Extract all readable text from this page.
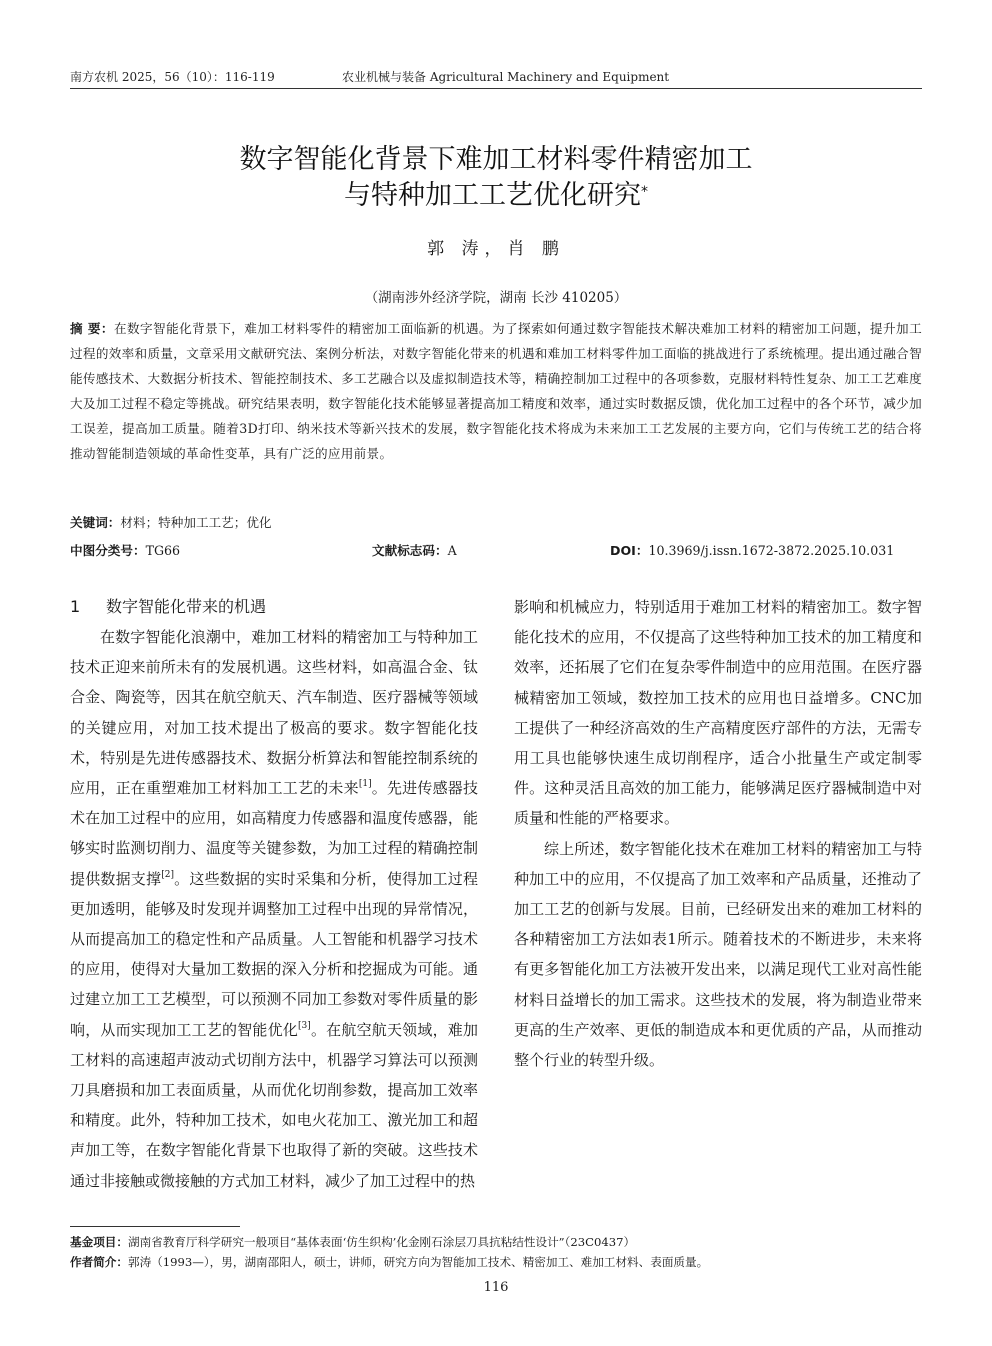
南方农机 2025，56（10）：116-119	农业机械与装备 Agricultural Machinery and Equipment
数字智能化背景下难加工材料零件精密加工
与特种加工工艺优化研究*
郭 涛，肖 鹏
（湖南涉外经济学院，湖南 长沙 410205）
摘 要：在数字智能化背景下，难加工材料零件的精密加工面临新的机遇。为了探索如何通过数字智能技术解决难加工材料的精密加工问题，提升加工过程的效率和质量，文章采用文献研究法、案例分析法，对数字智能化带来的机遇和难加工材料零件加工面临的挑战进行了系统梳理。提出通过融合智能传感技术、大数据分析技术、智能控制技术、多工艺融合以及虚拟制造技术等，精确控制加工过程中的各项参数，克服材料特性复杂、加工工艺难度大及加工过程不稳定等挑战。研究结果表明，数字智能化技术能够显著提高加工精度和效率，通过实时数据反馈，优化加工过程中的各个环节，减少加工误差，提高加工质量。随着3D打印、纳米技术等新兴技术的发展，数字智能化技术将成为未来加工工艺发展的主要方向，它们与传统工艺的结合将推动智能制造领域的革命性变革，具有广泛的应用前景。
关键词：材料；特种加工工艺；优化
中图分类号：TG66	文献标志码：A	DOI：10.3969/j.issn.1672-3872.2025.10.031
1 数字智能化带来的机遇

在数字智能化浪潮中，难加工材料的精密加工与特种加工技术正迎来前所未有的发展机遇。这些材料，如高温合金、钛合金、陶瓷等，因其在航空航天、汽车制造、医疗器械等领域的关键应用，对加工技术提出了极高的要求。数字智能化技术，特别是先进传感器技术、数据分析算法和智能控制系统的应用，正在重塑难加工材料加工工艺的未来[1]。先进传感器技术在加工过程中的应用，如高精度力传感器和温度传感器，能够实时监测切削力、温度等关键参数，为加工过程的精确控制提供数据支撑[2]。这些数据的实时采集和分析，使得加工过程更加透明，能够及时发现并调整加工过程中出现的异常情况，从而提高加工的稳定性和产品质量。人工智能和机器学习技术的应用，使得对大量加工数据的深入分析和挖掘成为可能。通过建立加工工艺模型，可以预测不同加工参数对零件质量的影响，从而实现加工工艺的智能优化[3]。在航空航天领域，难加工材料的高速超声波动式切削方法中，机器学习算法可以预测刀具磨损和加工表面质量，从而优化切削参数，提高加工效率和精度。此外，特种加工技术，如电火花加工、激光加工和超声加工等，在数字智能化背景下也取得了新的突破。这些技术通过非接触或微接触的方式加工材料，减少了加工过程中的热

影响和机械应力，特别适用于难加工材料的精密加工。数字智能化技术的应用，不仅提高了这些特种加工技术的加工精度和效率，还拓展了它们在复杂零件制造中的应用范围。在医疗器械精密加工领域，数控加工技术的应用也日益增多。CNC加工提供了一种经济高效的生产高精度医疗部件的方法，无需专用工具也能够快速生成切削程序，适合小批量生产或定制零件。这种灵活且高效的加工能力，能够满足医疗器械制造中对质量和性能的严格要求。

综上所述，数字智能化技术在难加工材料的精密加工与特种加工中的应用，不仅提高了加工效率和产品质量，还推动了加工工艺的创新与发展。目前，已经研发出来的难加工材料的各种精密加工方法如表1所示。随着技术的不断进步，未来将有更多智能化加工方法被开发出来，以满足现代工业对高性能材料日益增长的加工需求。这些技术的发展，将为制造业带来更高的生产效率、更低的制造成本和更优质的产品，从而推动整个行业的转型升级。

基金项目：湖南省教育厅科学研究一般项目“基体表面‘仿生织构’化金刚石涂层刀具抗粘结性设计”（23C0437）
作者简介：郭涛（1993—），男，湖南邵阳人，硕士，讲师，研究方向为智能加工技术、精密加工、难加工材料、表面质量。
116
